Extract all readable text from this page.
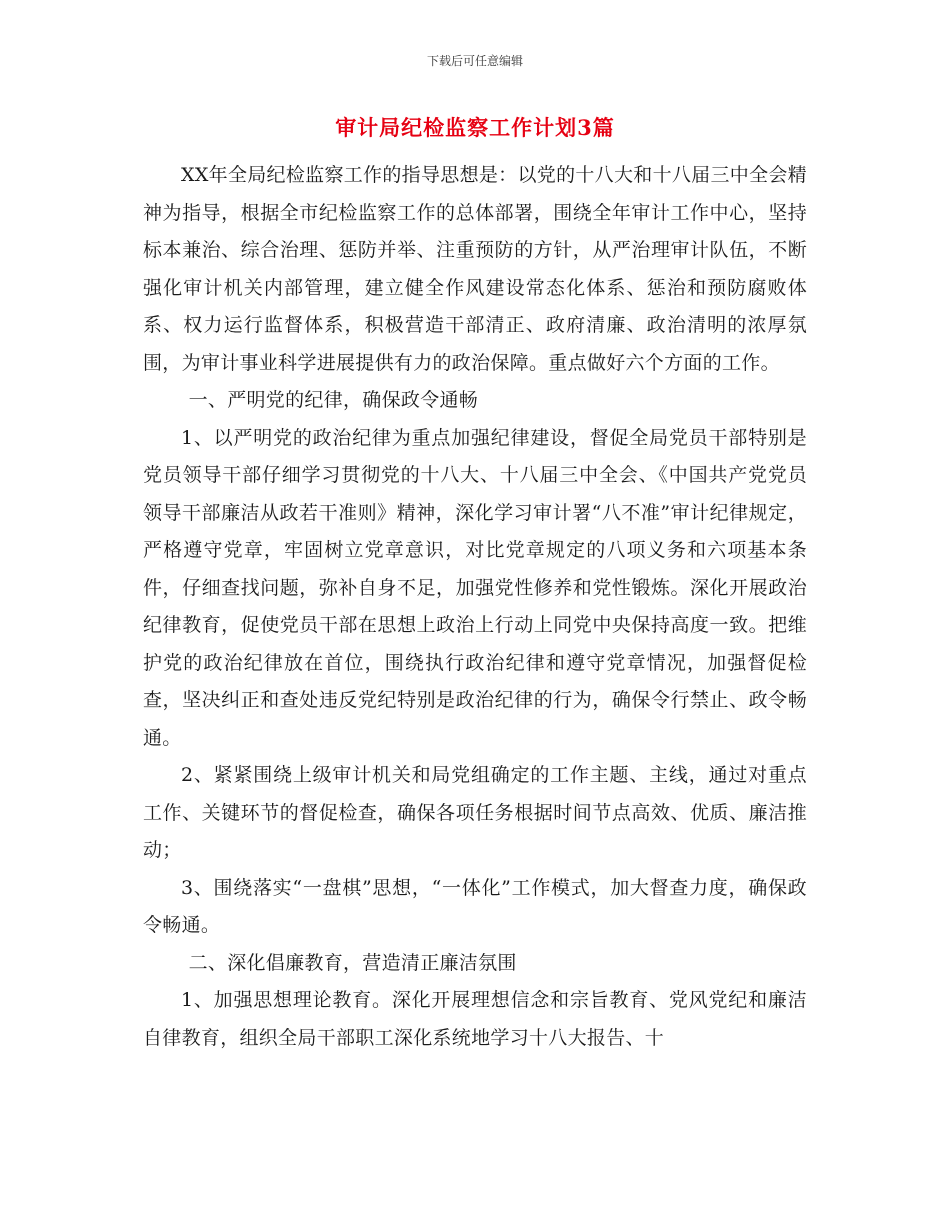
下载后可任意编辑
审计局纪检监察工作计划3篇

XX年全局纪检监察工作的指导思想是：以党的十八大和十八届三中全会精神为指导，根据全市纪检监察工作的总体部署，围绕全年审计工作中心，坚持标本兼治、综合治理、惩防并举、注重预防的方针，从严治理审计队伍，不断强化审计机关内部管理，建立健全作风建设常态化体系、惩治和预防腐败体系、权力运行监督体系，积极营造干部清正、政府清廉、政治清明的浓厚氛围，为审计事业科学进展提供有力的政治保障。重点做好六个方面的工作。

一、严明党的纪律，确保政令通畅

1、以严明党的政治纪律为重点加强纪律建设，督促全局党员干部特别是党员领导干部仔细学习贯彻党的十八大、十八届三中全会、《中国共产党党员领导干部廉洁从政若干准则》精神，深化学习审计署“八不准”审计纪律规定，严格遵守党章，牢固树立党章意识，对比党章规定的八项义务和六项基本条件，仔细查找问题，弥补自身不足，加强党性修养和党性锻炼。深化开展政治纪律教育，促使党员干部在思想上政治上行动上同党中央保持高度一致。把维护党的政治纪律放在首位，围绕执行政治纪律和遵守党章情况，加强督促检查，坚决纠正和查处违反党纪特别是政治纪律的行为，确保令行禁止、政令畅通。

2、紧紧围绕上级审计机关和局党组确定的工作主题、主线，通过对重点工作、关键环节的督促检查，确保各项任务根据时间节点高效、优质、廉洁推动；

3、围绕落实“一盘棋”思想，“一体化”工作模式，加大督查力度，确保政令畅通。

二、深化倡廉教育，营造清正廉洁氛围

1、加强思想理论教育。深化开展理想信念和宗旨教育、党风党纪和廉洁自律教育，组织全局干部职工深化系统地学习十八大报告、十
